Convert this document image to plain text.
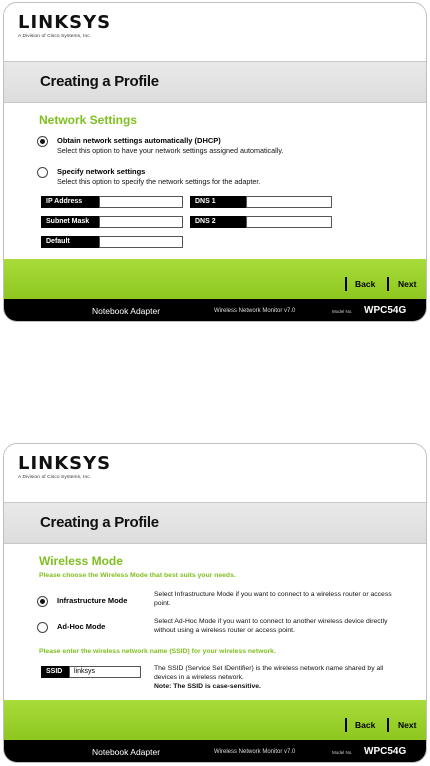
LINKSYS
A Division of Cisco Systems, Inc.
Creating a Profile
Network Settings
Obtain network settings automatically (DHCP)
Select this option to have your network settings assigned automatically.
Specify network settings
Select this option to specify the network settings for the adapter.
IP Address	DNS 1
Subnet Mask	DNS 2
Default Gateway
Back	Next
Notebook Adapter	Wireless Network Monitor v7.0	Model No. WPC54G
LINKSYS
A Division of Cisco Systems, Inc.
Creating a Profile
Wireless Mode
Please choose the Wireless Mode that best suits your needs.
Infrastructure Mode
Select Infrastructure Mode if you want to connect to a wireless router or access point.
Ad-Hoc Mode
Select Ad-Hoc Mode if you want to connect to another wireless device directly without using a wireless router or access point.
Please enter the wireless network name (SSID) for your wireless network.
SSID	linksys	The SSID (Service Set IDentifier) is the wireless network name shared by all devices in a wireless network.
Note: The SSID is case-sensitive.
Back	Next
Notebook Adapter	Wireless Network Monitor v7.0	Model No. WPC54G
